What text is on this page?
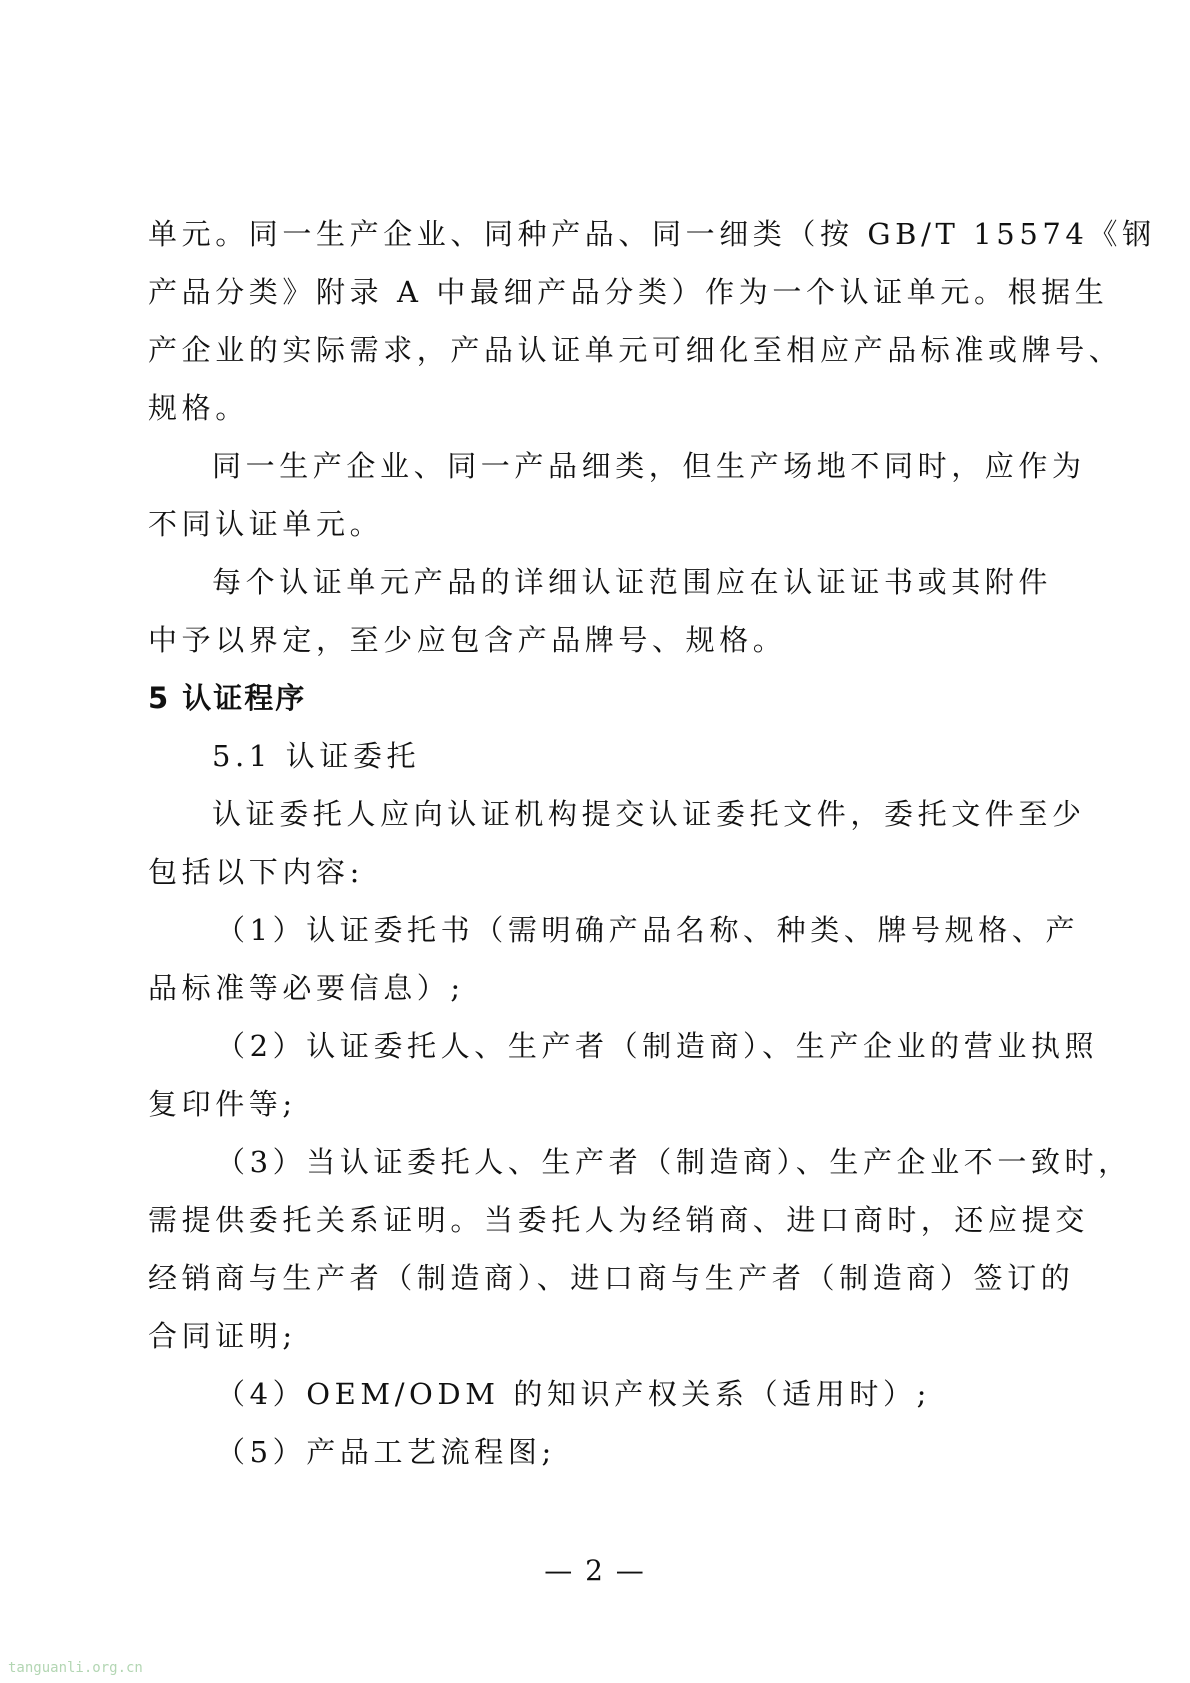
单元。同一生产企业、同种产品、同一细类（按 GB/T 15574《钢
产品分类》附录 A 中最细产品分类）作为一个认证单元。根据生
产企业的实际需求，产品认证单元可细化至相应产品标准或牌号、
规格。
同一生产企业、同一产品细类，但生产场地不同时，应作为
不同认证单元。
每个认证单元产品的详细认证范围应在认证证书或其附件
中予以界定，至少应包含产品牌号、规格。
5 认证程序
5.1 认证委托
认证委托人应向认证机构提交认证委托文件，委托文件至少
包括以下内容:
（1）认证委托书（需明确产品名称、种类、牌号规格、产
品标准等必要信息）;
（2）认证委托人、生产者（制造商）、生产企业的营业执照
复印件等;
（3）当认证委托人、生产者（制造商）、生产企业不一致时，
需提供委托关系证明。当委托人为经销商、进口商时，还应提交
经销商与生产者（制造商）、进口商与生产者（制造商）签订的
合同证明;
（4）OEM/ODM 的知识产权关系（适用时）;
（5）产品工艺流程图;
— 2 —
tanguanli.org.cn
